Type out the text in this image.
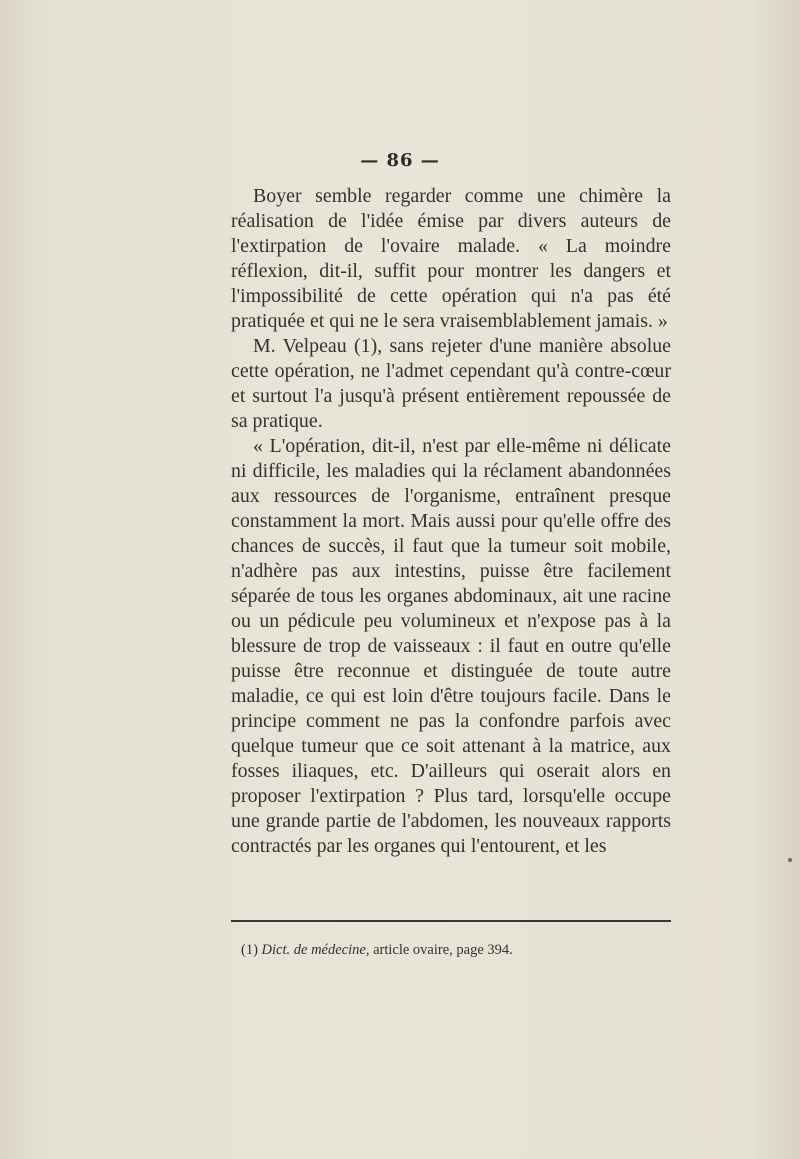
— 86 —

Boyer semble regarder comme une chimère la réalisation de l'idée émise par divers auteurs de l'extirpation de l'ovaire malade. « La moindre réflexion, dit-il, suffit pour montrer les dangers et l'impossibilité de cette opération qui n'a pas été pratiquée et qui ne le sera vraisemblablement jamais. »

M. Velpeau (1), sans rejeter d'une manière absolue cette opération, ne l'admet cependant qu'à contre-cœur et surtout l'a jusqu'à présent entièrement repoussée de sa pratique.

« L'opération, dit-il, n'est par elle-même ni délicate ni difficile, les maladies qui la réclament abandonnées aux ressources de l'organisme, entraînent presque constamment la mort. Mais aussi pour qu'elle offre des chances de succès, il faut que la tumeur soit mobile, n'adhère pas aux intestins, puisse être facilement séparée de tous les organes abdominaux, ait une racine ou un pédicule peu volumineux et n'expose pas à la blessure de trop de vaisseaux : il faut en outre qu'elle puisse être reconnue et distinguée de toute autre maladie, ce qui est loin d'être toujours facile. Dans le principe comment ne pas la confondre parfois avec quelque tumeur que ce soit attenant à la matrice, aux fosses iliaques, etc. D'ailleurs qui oserait alors en proposer l'extirpation ? Plus tard, lorsqu'elle occupe une grande partie de l'abdomen, les nouveaux rapports contractés par les organes qui l'entourent, et les

(1) Dict. de médecine, article ovaire, page 394.
